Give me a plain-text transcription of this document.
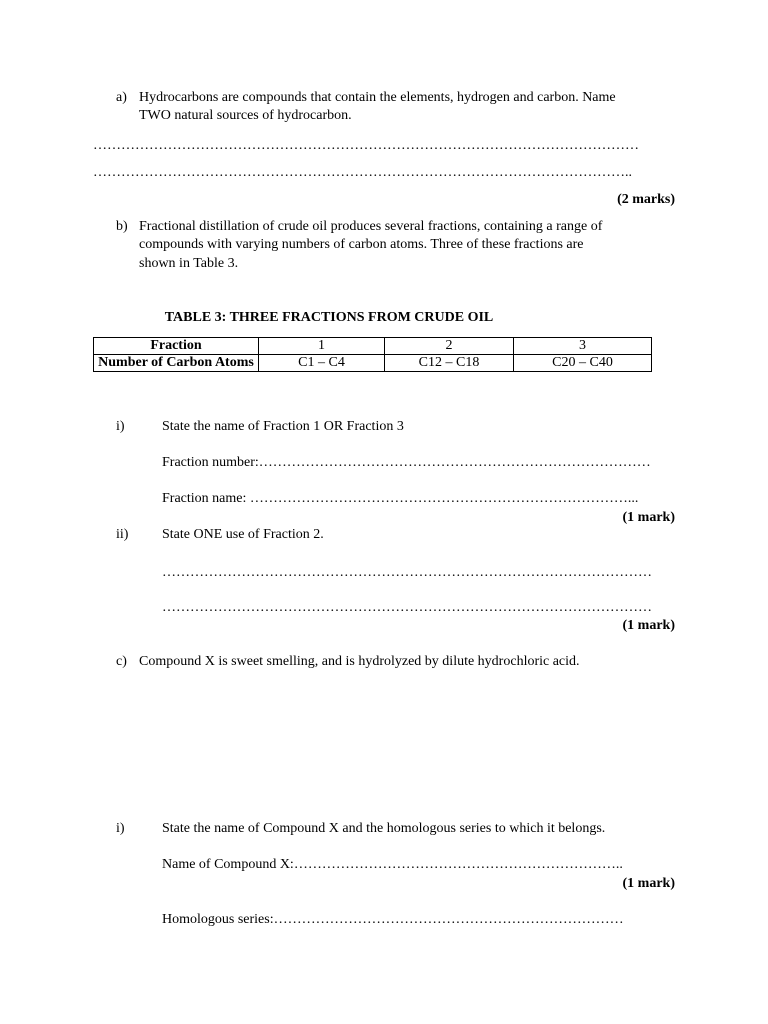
a) Hydrocarbons are compounds that contain the elements, hydrogen and carbon. Name
TWO natural sources of hydrocarbon.
………………………………………………………………………………………………………
……………………………………………………………………………………………………..
(2 marks)
b) Fractional distillation of crude oil produces several fractions, containing a range of
compounds with varying numbers of carbon atoms. Three of these fractions are
shown in Table 3.
TABLE 3: THREE FRACTIONS FROM CRUDE OIL
Fraction	1	2	3
Number of Carbon Atoms	C1 – C4	C12 – C18	C20 – C40
i)	State the name of Fraction 1 OR Fraction 3
Fraction number:…………………………………………………………………………
Fraction name: ………………………………………………………………………...
(1 mark)
ii) State ONE use of Fraction 2.
……………………………………………………………………………………………
……………………………………………………………………………………………
(1 mark)
c) Compound X is sweet smelling, and is hydrolyzed by dilute hydrochloric acid.
i)	State the name of Compound X and the homologous series to which it belongs.
Name of Compound X:……………………………………………………………..
(1 mark)
Homologous series:…………………………………………………………………
